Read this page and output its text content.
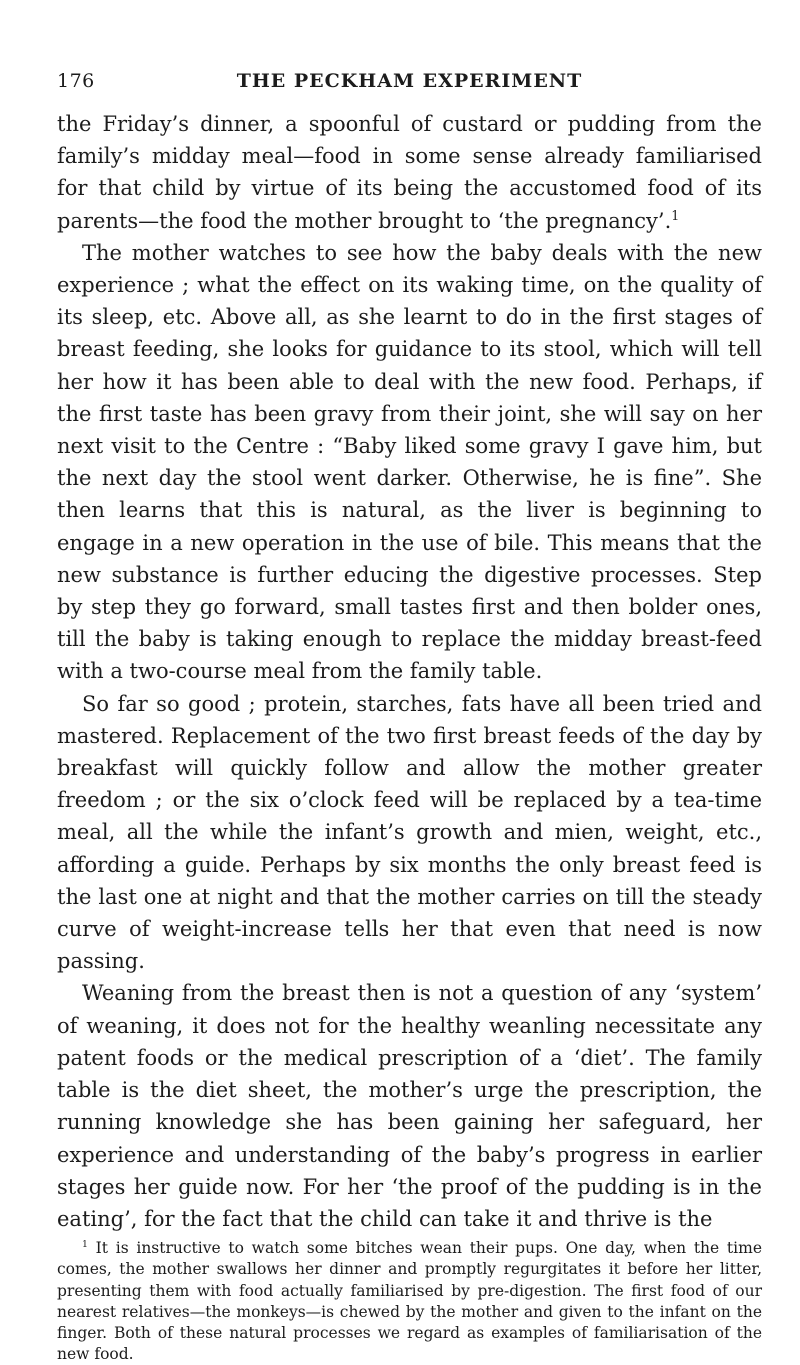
176	THE PECKHAM EXPERIMENT

the Friday’s dinner, a spoonful of custard or pudding from the family’s midday meal—food in some sense already familiarised for that child by virtue of its being the accustomed food of its parents—the food the mother brought to ‘the pregnancy’.$^1$

The mother watches to see how the baby deals with the new experience ; what the effect on its waking time, on the quality of its sleep, etc. Above all, as she learnt to do in the first stages of breast feeding, she looks for guidance to its stool, which will tell her how it has been able to deal with the new food. Perhaps, if the first taste has been gravy from their joint, she will say on her next visit to the Centre : “Baby liked some gravy I gave him, but the next day the stool went darker. Otherwise, he is fine”. She then learns that this is natural, as the liver is beginning to engage in a new operation in the use of bile. This means that the new substance is further educing the digestive processes. Step by step they go forward, small tastes first and then bolder ones, till the baby is taking enough to replace the midday breast-feed with a two-course meal from the family table.

So far so good ; protein, starches, fats have all been tried and mastered. Replacement of the two first breast feeds of the day by breakfast will quickly follow and allow the mother greater freedom ; or the six o’clock feed will be replaced by a tea-time meal, all the while the infant’s growth and mien, weight, etc., affording a guide. Perhaps by six months the only breast feed is the last one at night and that the mother carries on till the steady curve of weight-increase tells her that even that need is now passing.

Weaning from the breast then is not a question of any ‘system’ of weaning, it does not for the healthy weanling necessitate any patent foods or the medical prescription of a ‘diet’. The family table is the diet sheet, the mother’s urge the prescription, the running knowledge she has been gaining her safeguard, her experience and understanding of the baby’s progress in earlier stages her guide now. For her ‘the proof of the pudding is in the eating’, for the fact that the child can take it and thrive is the

$^1$ It is instructive to watch some bitches wean their pups. One day, when the time comes, the mother swallows her dinner and promptly regurgitates it before her litter, presenting them with food actually familiarised by pre-digestion. The first food of our nearest relatives—the monkeys—is chewed by the mother and given to the infant on the finger. Both of these natural processes we regard as examples of familiarisation of the new food.
